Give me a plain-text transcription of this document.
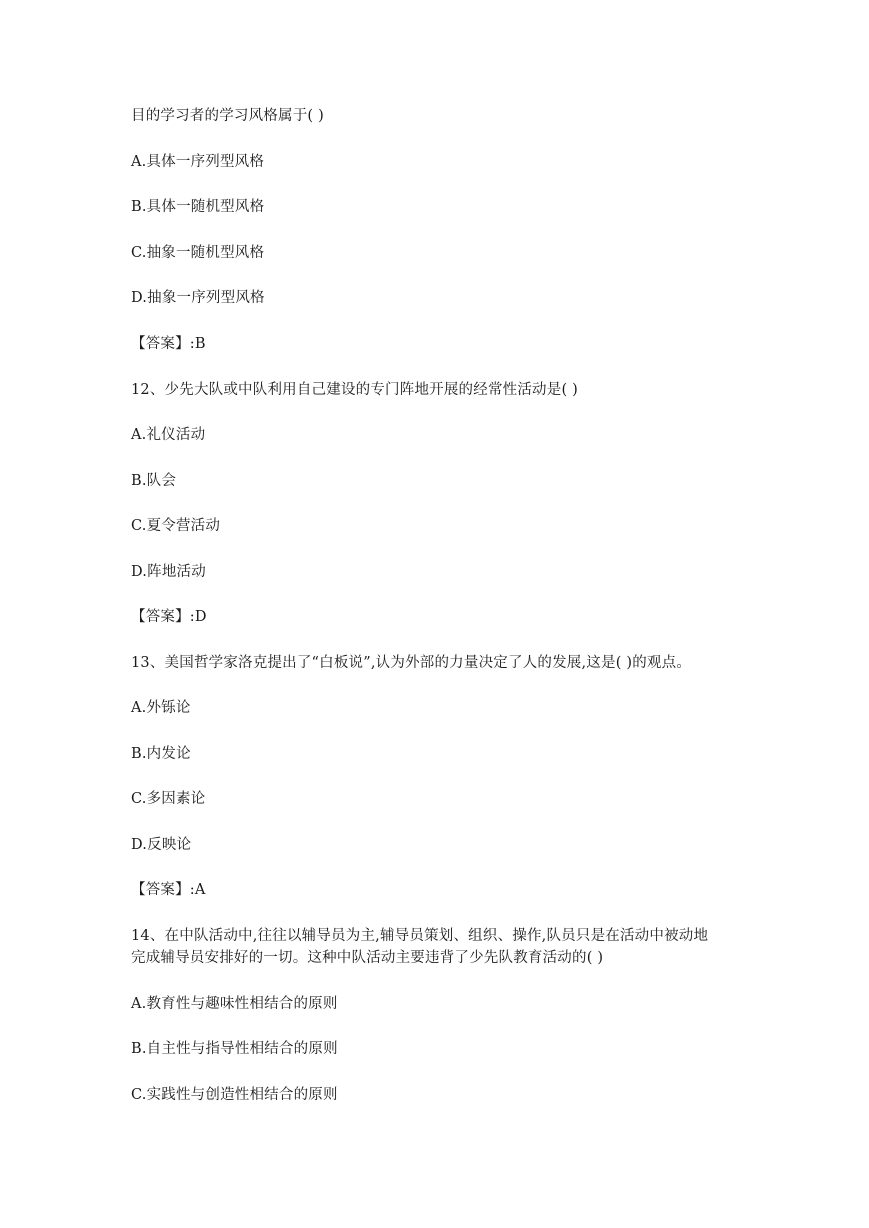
目的学习者的学习风格属于( )
A.具体一序列型风格
B.具体一随机型风格
C.抽象一随机型风格
D.抽象一序列型风格
【答案】:B
12、少先大队或中队利用自己建设的专门阵地开展的经常性活动是( )
A.礼仪活动
B.队会
C.夏令营活动
D.阵地活动
【答案】:D
13、美国哲学家洛克提出了“白板说”,认为外部的力量决定了人的发展,这是( )的观点。
A.外铄论
B.内发论
C.多因素论
D.反映论
【答案】:A
14、在中队活动中,往往以辅导员为主,辅导员策划、组织、操作,队员只是在活动中被动地
完成辅导员安排好的一切。这种中队活动主要违背了少先队教育活动的( )
A.教育性与趣味性相结合的原则
B.自主性与指导性相结合的原则
C.实践性与创造性相结合的原则
